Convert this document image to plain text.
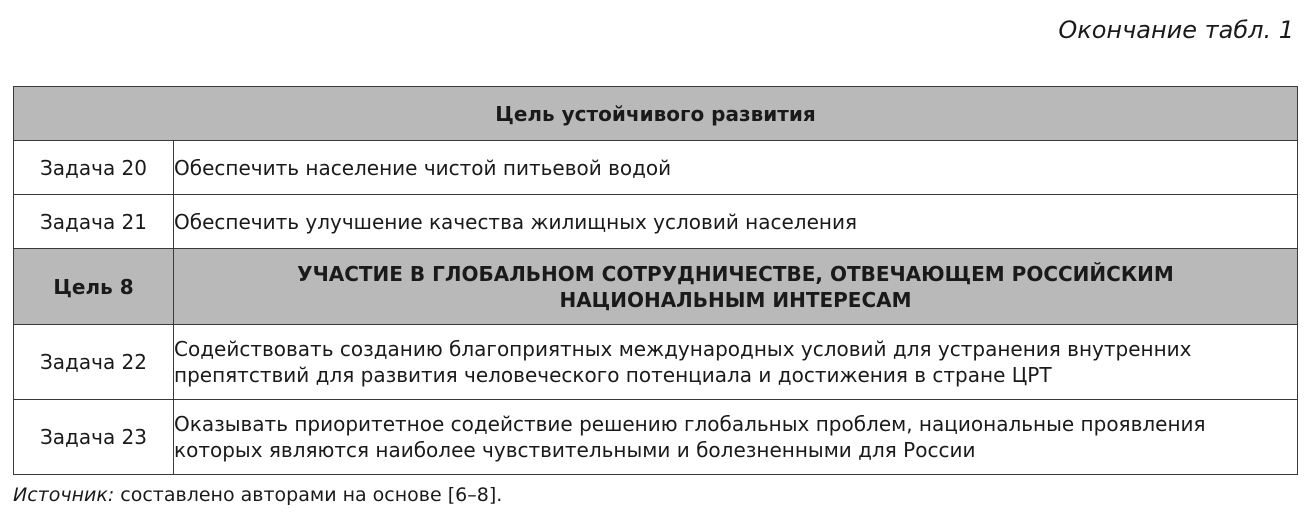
Окончание табл. 1
Цель устойчивого развития	
Задача 20	Обеспечить население чистой питьевой водой
Задача 21	Обеспечить улучшение качества жилищных условий населения
Цель 8	УЧАСТИЕ В ГЛОБАЛЬНОМ СОТРУДНИЧЕСТВЕ, ОТВЕЧАЮЩЕМ РОССИЙСКИМ НАЦИОНАЛЬНЫМ ИНТЕРЕСАМ
Задача 22	Содействовать созданию благоприятных международных условий для устранения внутренних препятствий для развития человеческого потенциала и достижения в стране ЦРТ
Задача 23	Оказывать приоритетное содействие решению глобальных проблем, национальные проявления которых являются наиболее чувствительными и болезненными для России
Источник: составлено авторами на основе [6–8].
